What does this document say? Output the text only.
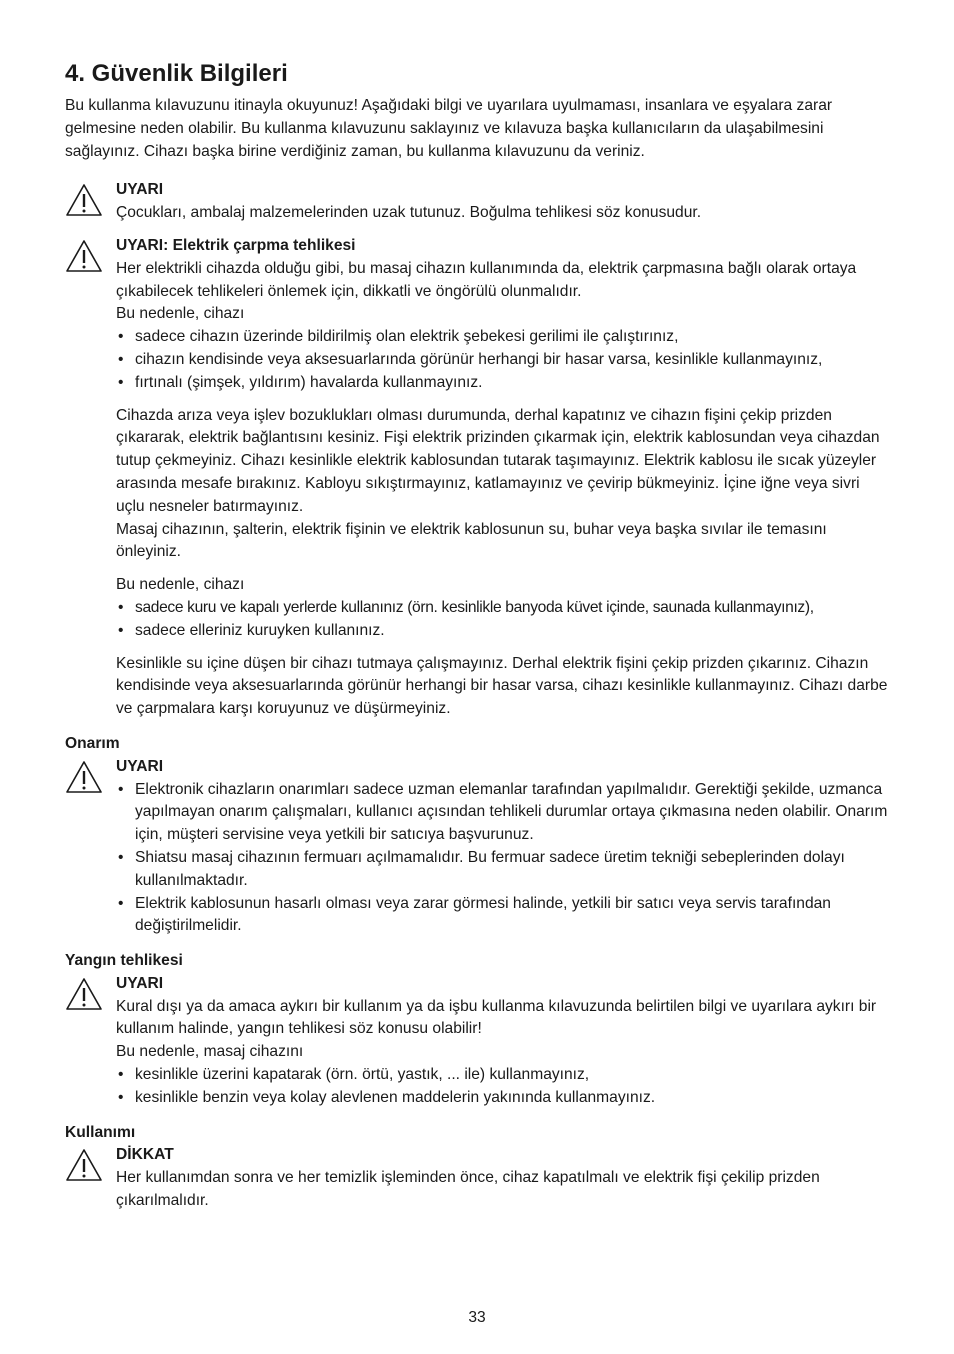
4. Güvenlik Bilgileri

Bu kullanma kılavuzunu itinayla okuyunuz! Aşağıdaki bilgi ve uyarılara uyulmaması, insanlara ve eşyalara zarar gelmesine neden olabilir. Bu kullanma kılavuzunu saklayınız ve kılavuza başka kullanıcıların da ulaşabilmesini sağlayınız. Cihazı başka birine verdiğiniz zaman, bu kullanma kılavuzunu da veriniz.

UYARI

Çocukları, ambalaj malzemelerinden uzak tutunuz. Boğulma tehlikesi söz konusudur.

UYARI: Elektrik çarpma tehlikesi

Her elektrikli cihazda olduğu gibi, bu masaj cihazın kullanımında da, elektrik çarpmasına bağlı olarak ortaya çıkabilecek tehlikeleri önlemek için, dikkatli ve öngörülü olunmalıdır.

Bu nedenle, cihazı

• sadece cihazın üzerinde bildirilmiş olan elektrik şebekesi gerilimi ile çalıştırınız,
• cihazın kendisinde veya aksesuarlarında görünür herhangi bir hasar varsa, kesinlikle kullanmayınız,
• fırtınalı (şimşek, yıldırım) havalarda kullanmayınız.

Cihazda arıza veya işlev bozuklukları olması durumunda, derhal kapatınız ve cihazın fişini çekip prizden çıkararak, elektrik bağlantısını kesiniz. Fişi elektrik prizinden çıkarmak için, elektrik kablosundan veya cihazdan tutup çekmeyiniz. Cihazı kesinlikle elektrik kablosundan tutarak taşımayınız. Elektrik kablosu ile sıcak yüzeyler arasında mesafe bırakınız. Kabloyu sıkıştırmayınız, katlamayınız ve çevirip bükmeyiniz. İçine iğne veya sivri uçlu nesneler batırmayınız.

Masaj cihazının, şalterin, elektrik fişinin ve elektrik kablosunun su, buhar veya başka sıvılar ile temasını önleyiniz.

Bu nedenle, cihazı

• sadece kuru ve kapalı yerlerde kullanınız (örn. kesinlikle banyoda küvet içinde, saunada kullanmayınız),
• sadece elleriniz kuruyken kullanınız.

Kesinlikle su içine düşen bir cihazı tutmaya çalışmayınız. Derhal elektrik fişini çekip prizden çıkarınız. Cihazın kendisinde veya aksesuarlarında görünür herhangi bir hasar varsa, cihazı kesinlikle kullanmayınız. Cihazı darbe ve çarpmalara karşı koruyunuz ve düşürmeyiniz.

Onarım
UYARI
• Elektronik cihazların onarımları sadece uzman elemanlar tarafından yapılmalıdır. Gerektiği şekilde, uzmanca yapılmayan onarım çalışmaları, kullanıcı açısından tehlikeli durumlar ortaya çıkmasına neden olabilir. Onarım için, müşteri servisine veya yetkili bir satıcıya başvurunuz.
• Shiatsu masaj cihazının fermuarı açılmamalıdır. Bu fermuar sadece üretim tekniği sebeplerinden dolayı kullanılmaktadır.
• Elektrik kablosunun hasarlı olması veya zarar görmesi halinde, yetkili bir satıcı veya servis tarafından değiştirilmelidir.
Yangın tehlikesi
UYARI

Kural dışı ya da amaca aykırı bir kullanım ya da işbu kullanma kılavuzunda belirtilen bilgi ve uyarılara aykırı bir kullanım halinde, yangın tehlikesi söz konusu olabilir!

Bu nedenle, masaj cihazını

• kesinlikle üzerini kapatarak (örn. örtü, yastık, ... ile) kullanmayınız,
• kesinlikle benzin veya kolay alevlenen maddelerin yakınında kullanmayınız.
Kullanımı
DİKKAT

Her kullanımdan sonra ve her temizlik işleminden önce, cihaz kapatılmalı ve elektrik fişi çekilip prizden çıkarılmalıdır.

33
